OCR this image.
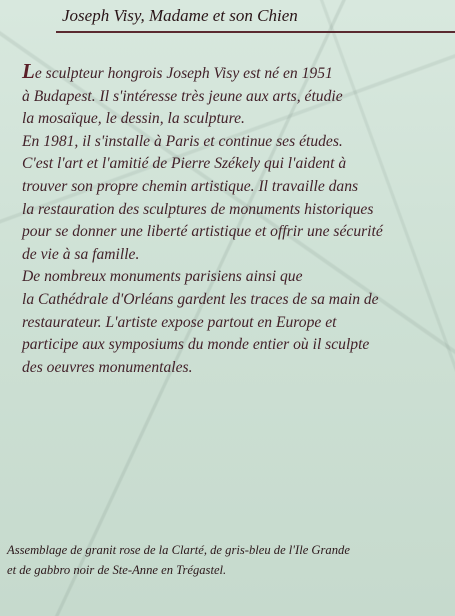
Joseph Visy, Madame et son Chien
Le sculpteur hongrois Joseph Visy est né en 1951
à Budapest. Il s'intéresse très jeune aux arts, étudie
la mosaïque, le dessin, la sculpture.
En 1981, il s'installe à Paris et continue ses études.
C'est l'art et l'amitié de Pierre Székely qui l'aident à
trouver son propre chemin artistique. Il travaille dans
la restauration des sculptures de monuments historiques
pour se donner une liberté artistique et offrir une sécurité
de vie à sa famille.
De nombreux monuments parisiens ainsi que
la Cathédrale d'Orléans gardent les traces de sa main de
restaurateur. L'artiste expose partout en Europe et
participe aux symposiums du monde entier où il sculpte
des oeuvres monumentales.
Assemblage de granit rose de la Clarté, de gris-bleu de l'Ile Grande
et de gabbro noir de Ste-Anne en Trégastel.
